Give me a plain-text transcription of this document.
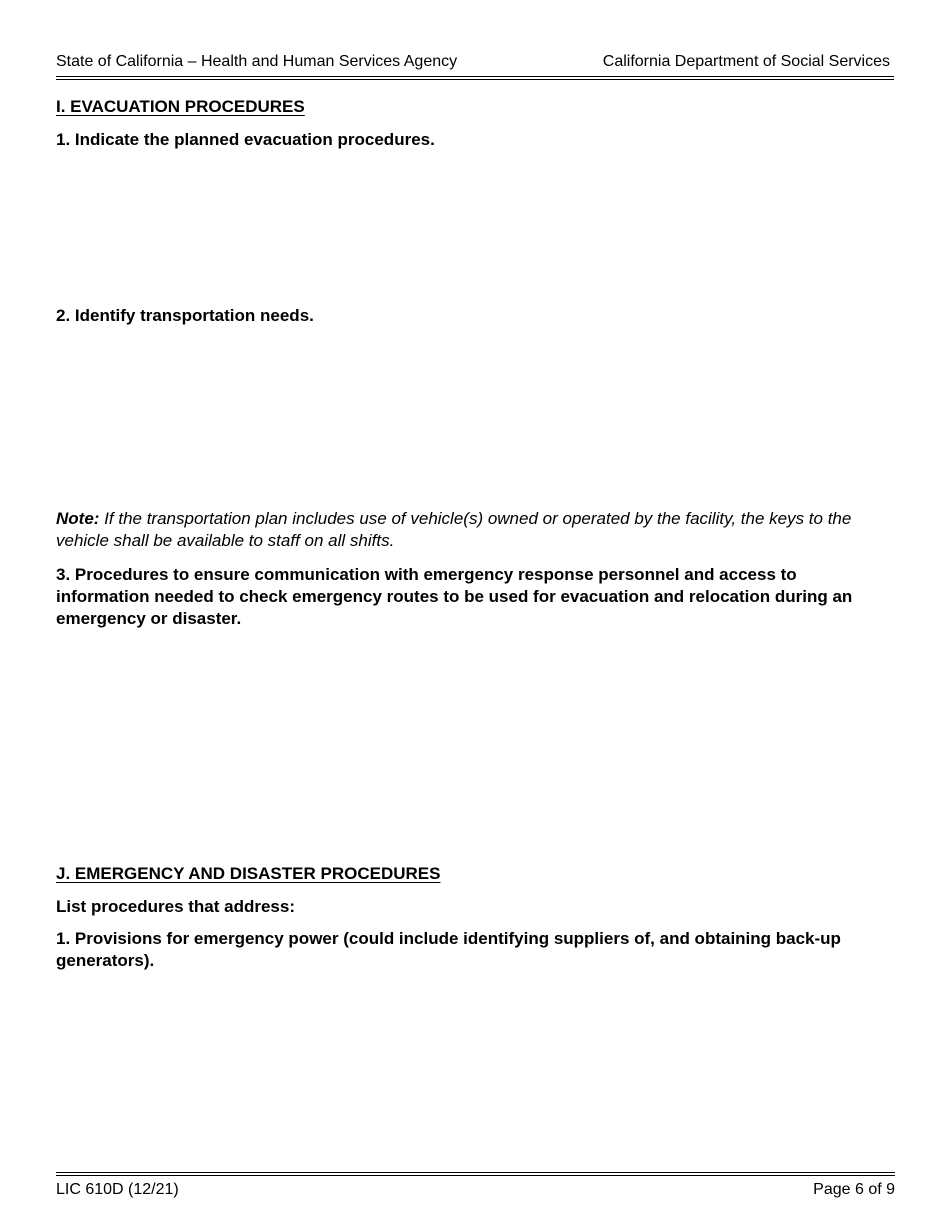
State of California – Health and Human Services Agency	California Department of Social Services
I. EVACUATION PROCEDURES

1. Indicate the planned evacuation procedures.

2. Identify transportation needs.

Note: If the transportation plan includes use of vehicle(s) owned or operated by the facility, the keys to the vehicle shall be available to staff on all shifts.

3. Procedures to ensure communication with emergency response personnel and access to information needed to check emergency routes to be used for evacuation and relocation during an emergency or disaster.

J. EMERGENCY AND DISASTER PROCEDURES

List procedures that address:

1. Provisions for emergency power (could include identifying suppliers of, and obtaining back-up generators).

LIC 610D (12/21)	Page 6 of 9
